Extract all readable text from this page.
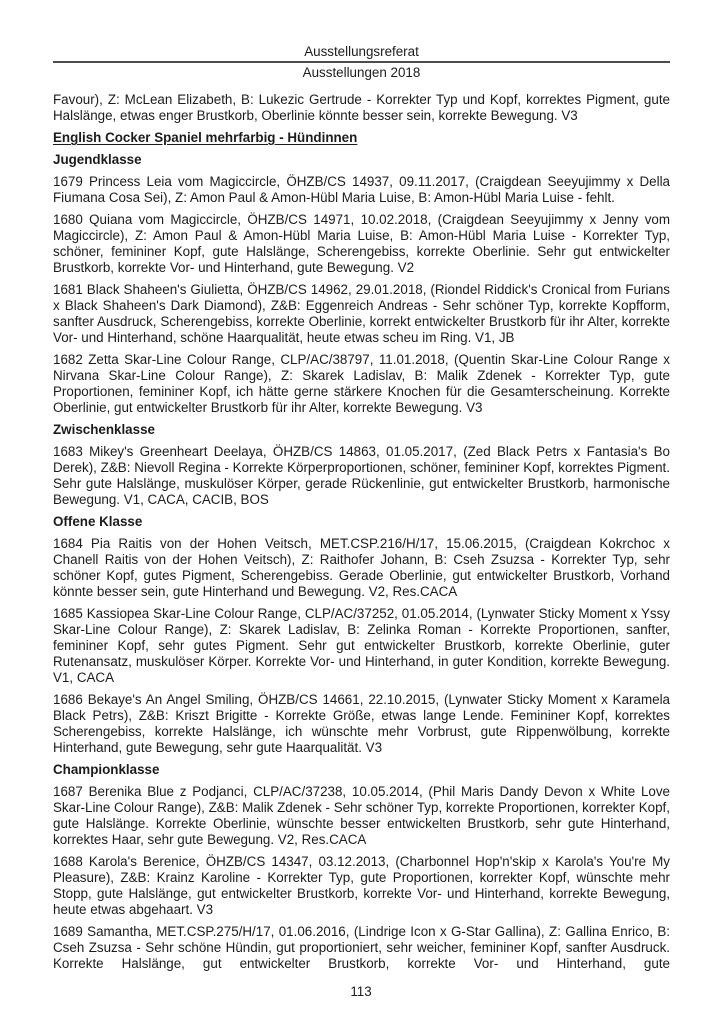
Ausstellungsreferat

Ausstellungen 2018

Favour), Z: McLean Elizabeth, B: Lukezic Gertrude - Korrekter Typ und Kopf, korrektes Pigment, gute Halslänge, etwas enger Brustkorb, Oberlinie könnte besser sein, korrekte Bewegung. V3

English Cocker Spaniel mehrfarbig - Hündinnen
Jugendklasse

1679 Princess Leia vom Magiccircle, ÖHZB/CS 14937, 09.11.2017, (Craigdean Seeyujimmy x Della Fiumana Cosa Sei), Z: Amon Paul & Amon-Hübl Maria Luise, B: Amon-Hübl Maria Luise - fehlt.

1680 Quiana vom Magiccircle, ÖHZB/CS 14971, 10.02.2018, (Craigdean Seeyujimmy x Jenny vom Magiccircle), Z: Amon Paul & Amon-Hübl Maria Luise, B: Amon-Hübl Maria Luise - Korrekter Typ, schöner, femininer Kopf, gute Halslänge, Scherengebiss, korrekte Oberlinie. Sehr gut entwickelter Brustkorb, korrekte Vor- und Hinterhand, gute Bewegung. V2

1681 Black Shaheen's Giulietta, ÖHZB/CS 14962, 29.01.2018, (Riondel Riddick's Cronical from Furians x Black Shaheen's Dark Diamond), Z&B: Eggenreich Andreas - Sehr schöner Typ, korrekte Kopfform, sanfter Ausdruck, Scherengebiss, korrekte Oberlinie, korrekt entwickelter Brustkorb für ihr Alter, korrekte Vor- und Hinterhand, schöne Haarqualität, heute etwas scheu im Ring. V1, JB

1682 Zetta Skar-Line Colour Range, CLP/AC/38797, 11.01.2018, (Quentin Skar-Line Colour Range x Nirvana Skar-Line Colour Range), Z: Skarek Ladislav, B: Malik Zdenek - Korrekter Typ, gute Proportionen, femininer Kopf, ich hätte gerne stärkere Knochen für die Gesamterscheinung. Korrekte Oberlinie, gut entwickelter Brustkorb für ihr Alter, korrekte Bewegung. V3

Zwischenklasse

1683 Mikey's Greenheart Deelaya, ÖHZB/CS 14863, 01.05.2017, (Zed Black Petrs x Fantasia's Bo Derek), Z&B: Nievoll Regina - Korrekte Körperproportionen, schöner, femininer Kopf, korrektes Pigment. Sehr gute Halslänge, muskulöser Körper, gerade Rückenlinie, gut entwickelter Brustkorb, harmonische Bewegung. V1, CACA, CACIB, BOS

Offene Klasse

1684 Pia Raitis von der Hohen Veitsch, MET.CSP.216/H/17, 15.06.2015, (Craigdean Kokrchoc x Chanell Raitis von der Hohen Veitsch), Z: Raithofer Johann, B: Cseh Zsuzsa - Korrekter Typ, sehr schöner Kopf, gutes Pigment, Scherengebiss. Gerade Oberlinie, gut entwickelter Brustkorb, Vorhand könnte besser sein, gute Hinterhand und Bewegung. V2, Res.CACA

1685 Kassiopea Skar-Line Colour Range, CLP/AC/37252, 01.05.2014, (Lynwater Sticky Moment x Yssy Skar-Line Colour Range), Z: Skarek Ladislav, B: Zelinka Roman - Korrekte Proportionen, sanfter, femininer Kopf, sehr gutes Pigment. Sehr gut entwickelter Brustkorb, korrekte Oberlinie, guter Rutenansatz, muskulöser Körper. Korrekte Vor- und Hinterhand, in guter Kondition, korrekte Bewegung. V1, CACA

1686 Bekaye's An Angel Smiling, ÖHZB/CS 14661, 22.10.2015, (Lynwater Sticky Moment x Karamela Black Petrs), Z&B: Kriszt Brigitte - Korrekte Größe, etwas lange Lende. Femininer Kopf, korrektes Scherengebiss, korrekte Halslänge, ich wünschte mehr Vorbrust, gute Rippenwölbung, korrekte Hinterhand, gute Bewegung, sehr gute Haarqualität. V3

Championklasse

1687 Berenika Blue z Podjanci, CLP/AC/37238, 10.05.2014, (Phil Maris Dandy Devon x White Love Skar-Line Colour Range), Z&B: Malik Zdenek - Sehr schöner Typ, korrekte Proportionen, korrekter Kopf, gute Halslänge. Korrekte Oberlinie, wünschte besser entwickelten Brustkorb, sehr gute Hinterhand, korrektes Haar, sehr gute Bewegung. V2, Res.CACA

1688 Karola's Berenice, ÖHZB/CS 14347, 03.12.2013, (Charbonnel Hop'n'skip x Karola's You're My Pleasure), Z&B: Krainz Karoline - Korrekter Typ, gute Proportionen, korrekter Kopf, wünschte mehr Stopp, gute Halslänge, gut entwickelter Brustkorb, korrekte Vor- und Hinterhand, korrekte Bewegung, heute etwas abgehaart. V3

1689 Samantha, MET.CSP.275/H/17, 01.06.2016, (Lindrige Icon x G-Star Gallina), Z: Gallina Enrico, B: Cseh Zsuzsa - Sehr schöne Hündin, gut proportioniert, sehr weicher, femininer Kopf, sanfter Ausdruck. Korrekte Halslänge, gut entwickelter Brustkorb, korrekte Vor- und Hinterhand, gute

113
